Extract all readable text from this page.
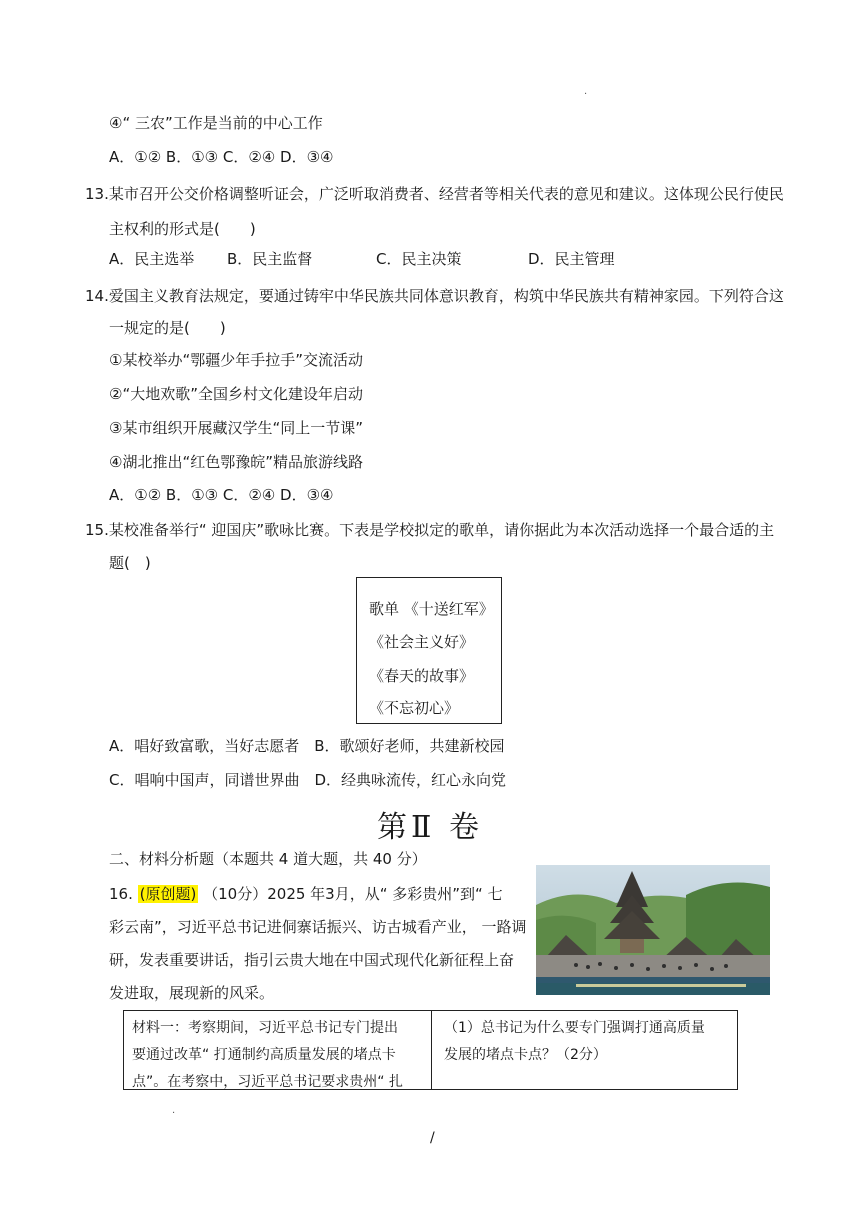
.
④“ 三农”工作是当前的中心工作
A．①② B．①③ C．②④ D．③④
13.某市召开公交价格调整听证会，广泛听取消费者、经营者等相关代表的意见和建议。这体现公民行使民
主权利的形式是(　　)
A．民主选举 B．民主监督	C．民主决策	D．民主管理
14.爱国主义教育法规定，要通过铸牢中华民族共同体意识教育，构筑中华民族共有精神家园。下列符合这
一规定的是(　　)
①某校举办“鄂疆少年手拉手”交流活动
②“大地欢歌”全国乡村文化建设年启动
③某市组织开展藏汉学生“同上一节课”
④湖北推出“红色鄂豫皖”精品旅游线路
A．①② B．①③ C．②④ D．③④
15.某校准备举行“ 迎国庆”歌咏比赛。下表是学校拟定的歌单，请你据此为本次活动选择一个最合适的主
题(　)
歌单 《十送红军》
《社会主义好》
《春天的故事》
《不忘初心》
A．唱好致富歌，当好志愿者　B．歌颂好老师，共建新校园
C．唱响中国声，同谱世界曲　D．经典咏流传，红心永向党
第Ⅱ 卷
二、材料分析题（本题共 4 道大题，共 40 分）
16. (原创题) （10分）2025 年3月，从“ 多彩贵州”到“ 七
彩云南”，习近平总书记进侗寨话振兴、访古城看产业， 一路调
研，发表重要讲话，指引云贵大地在中国式现代化新征程上奋
发进取，展现新的风采。
材料一：考察期间，习近平总书记专门提出
要通过改革“ 打通制约高质量发展的堵点卡
点”。在考察中，习近平总书记要求贵州“ 扎
（1）总书记为什么要专门强调打通高质量
发展的堵点卡点？（2分）
.
/
